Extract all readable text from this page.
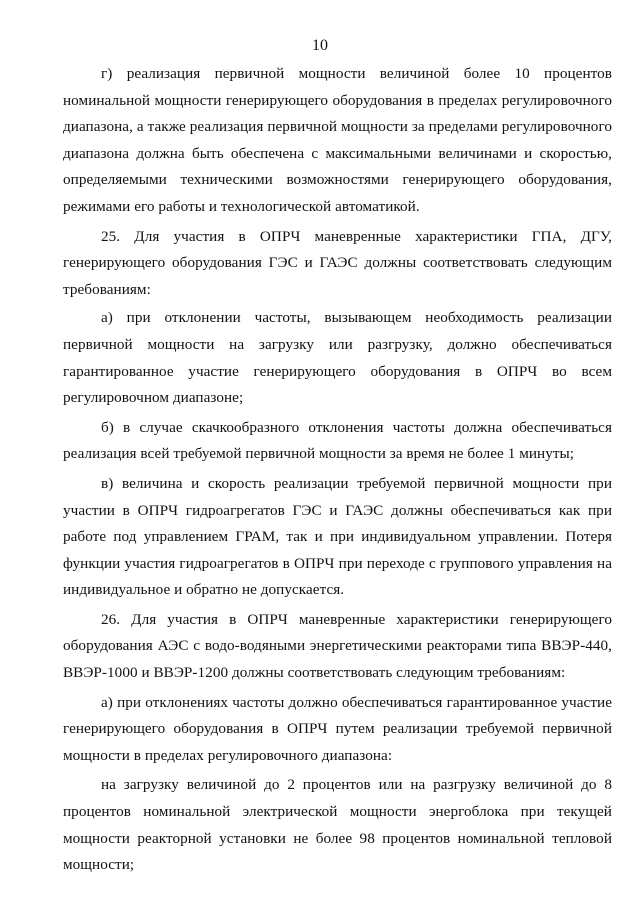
10

г) реализация первичной мощности величиной более 10 процентов номинальной мощности генерирующего оборудования в пределах регулировочного диапазона, а также реализация первичной мощности за пределами регулировочного диапазона должна быть обеспечена с максимальными величинами и скоростью, определяемыми техническими возможностями генерирующего оборудования, режимами его работы и технологической автоматикой.

25. Для участия в ОПРЧ маневренные характеристики ГПА, ДГУ, генерирующего оборудования ГЭС и ГАЭС должны соответствовать следующим требованиям:

а) при отклонении частоты, вызывающем необходимость реализации первичной мощности на загрузку или разгрузку, должно обеспечиваться гарантированное участие генерирующего оборудования в ОПРЧ во всем регулировочном диапазоне;

б) в случае скачкообразного отклонения частоты должна обеспечиваться реализация всей требуемой первичной мощности за время не более 1 минуты;

в) величина и скорость реализации требуемой первичной мощности при участии в ОПРЧ гидроагрегатов ГЭС и ГАЭС должны обеспечиваться как при работе под управлением ГРАМ, так и при индивидуальном управлении. Потеря функции участия гидроагрегатов в ОПРЧ при переходе с группового управления на индивидуальное и обратно не допускается.

26. Для участия в ОПРЧ маневренные характеристики генерирующего оборудования АЭС с водо-водяными энергетическими реакторами типа ВВЭР-440, ВВЭР-1000 и ВВЭР-1200 должны соответствовать следующим требованиям:

а) при отклонениях частоты должно обеспечиваться гарантированное участие генерирующего оборудования в ОПРЧ путем реализации требуемой первичной мощности в пределах регулировочного диапазона:

на загрузку величиной до 2 процентов или на разгрузку величиной до 8 процентов номинальной электрической мощности энергоблока при текущей мощности реакторной установки не более 98 процентов номинальной тепловой мощности;
